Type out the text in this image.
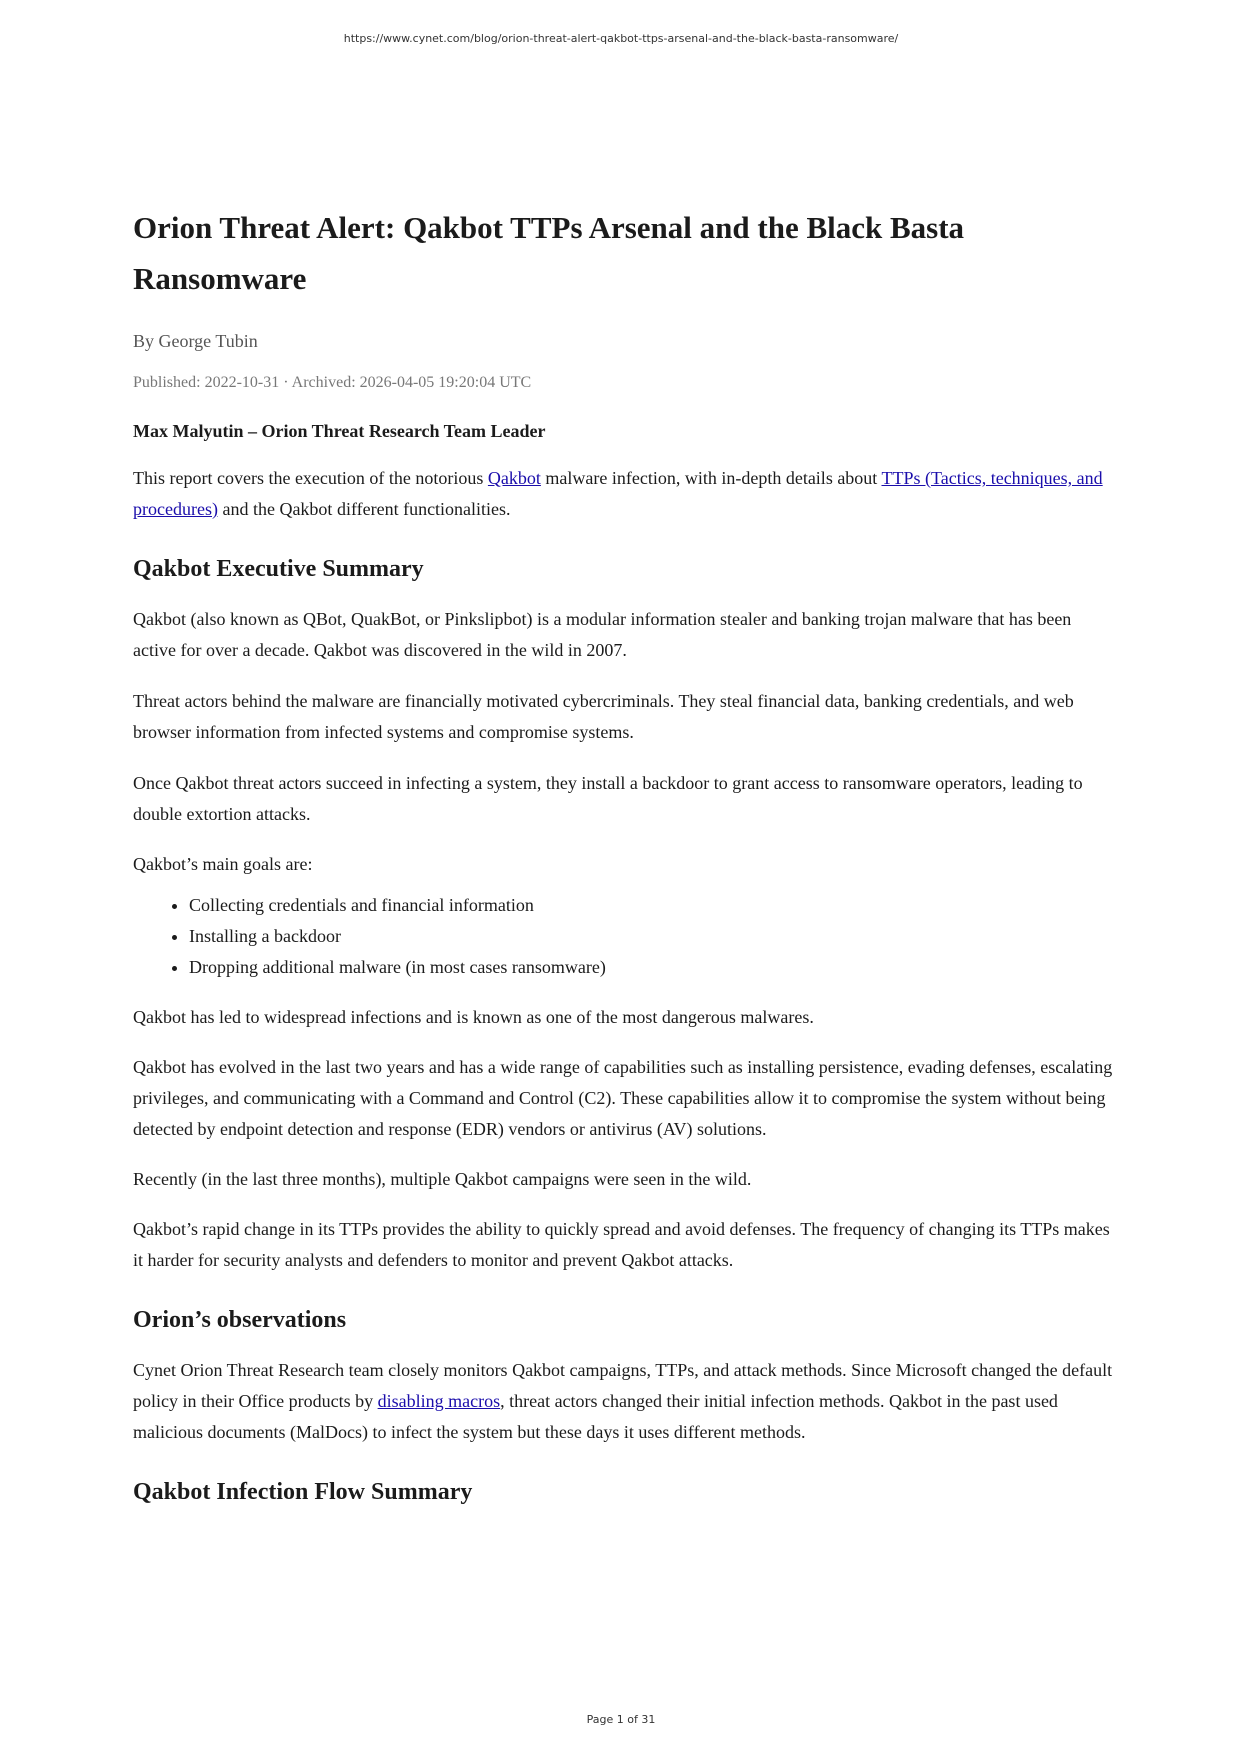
https://www.cynet.com/blog/orion-threat-alert-qakbot-ttps-arsenal-and-the-black-basta-ransomware/
Orion Threat Alert: Qakbot TTPs Arsenal and the Black Basta Ransomware
By George Tubin
Published: 2022-10-31 · Archived: 2026-04-05 19:20:04 UTC
Max Malyutin – Orion Threat Research Team Leader

This report covers the execution of the notorious Qakbot malware infection, with in-depth details about TTPs (Tactics, techniques, and procedures) and the Qakbot different functionalities.

Qakbot Executive Summary

Qakbot (also known as QBot, QuakBot, or Pinkslipbot) is a modular information stealer and banking trojan malware that has been active for over a decade. Qakbot was discovered in the wild in 2007.

Threat actors behind the malware are financially motivated cybercriminals. They steal financial data, banking credentials, and web browser information from infected systems and compromise systems.

Once Qakbot threat actors succeed in infecting a system, they install a backdoor to grant access to ransomware operators, leading to double extortion attacks.

Qakbot’s main goals are:

• Collecting credentials and financial information
• Installing a backdoor
• Dropping additional malware (in most cases ransomware)

Qakbot has led to widespread infections and is known as one of the most dangerous malwares.

Qakbot has evolved in the last two years and has a wide range of capabilities such as installing persistence, evading defenses, escalating privileges, and communicating with a Command and Control (C2). These capabilities allow it to compromise the system without being detected by endpoint detection and response (EDR) vendors or antivirus (AV) solutions.

Recently (in the last three months), multiple Qakbot campaigns were seen in the wild.

Qakbot’s rapid change in its TTPs provides the ability to quickly spread and avoid defenses. The frequency of changing its TTPs makes it harder for security analysts and defenders to monitor and prevent Qakbot attacks.

Orion’s observations

Cynet Orion Threat Research team closely monitors Qakbot campaigns, TTPs, and attack methods. Since Microsoft changed the default policy in their Office products by disabling macros, threat actors changed their initial infection methods. Qakbot in the past used malicious documents (MalDocs) to infect the system but these days it uses different methods.

Qakbot Infection Flow Summary
Page 1 of 31
